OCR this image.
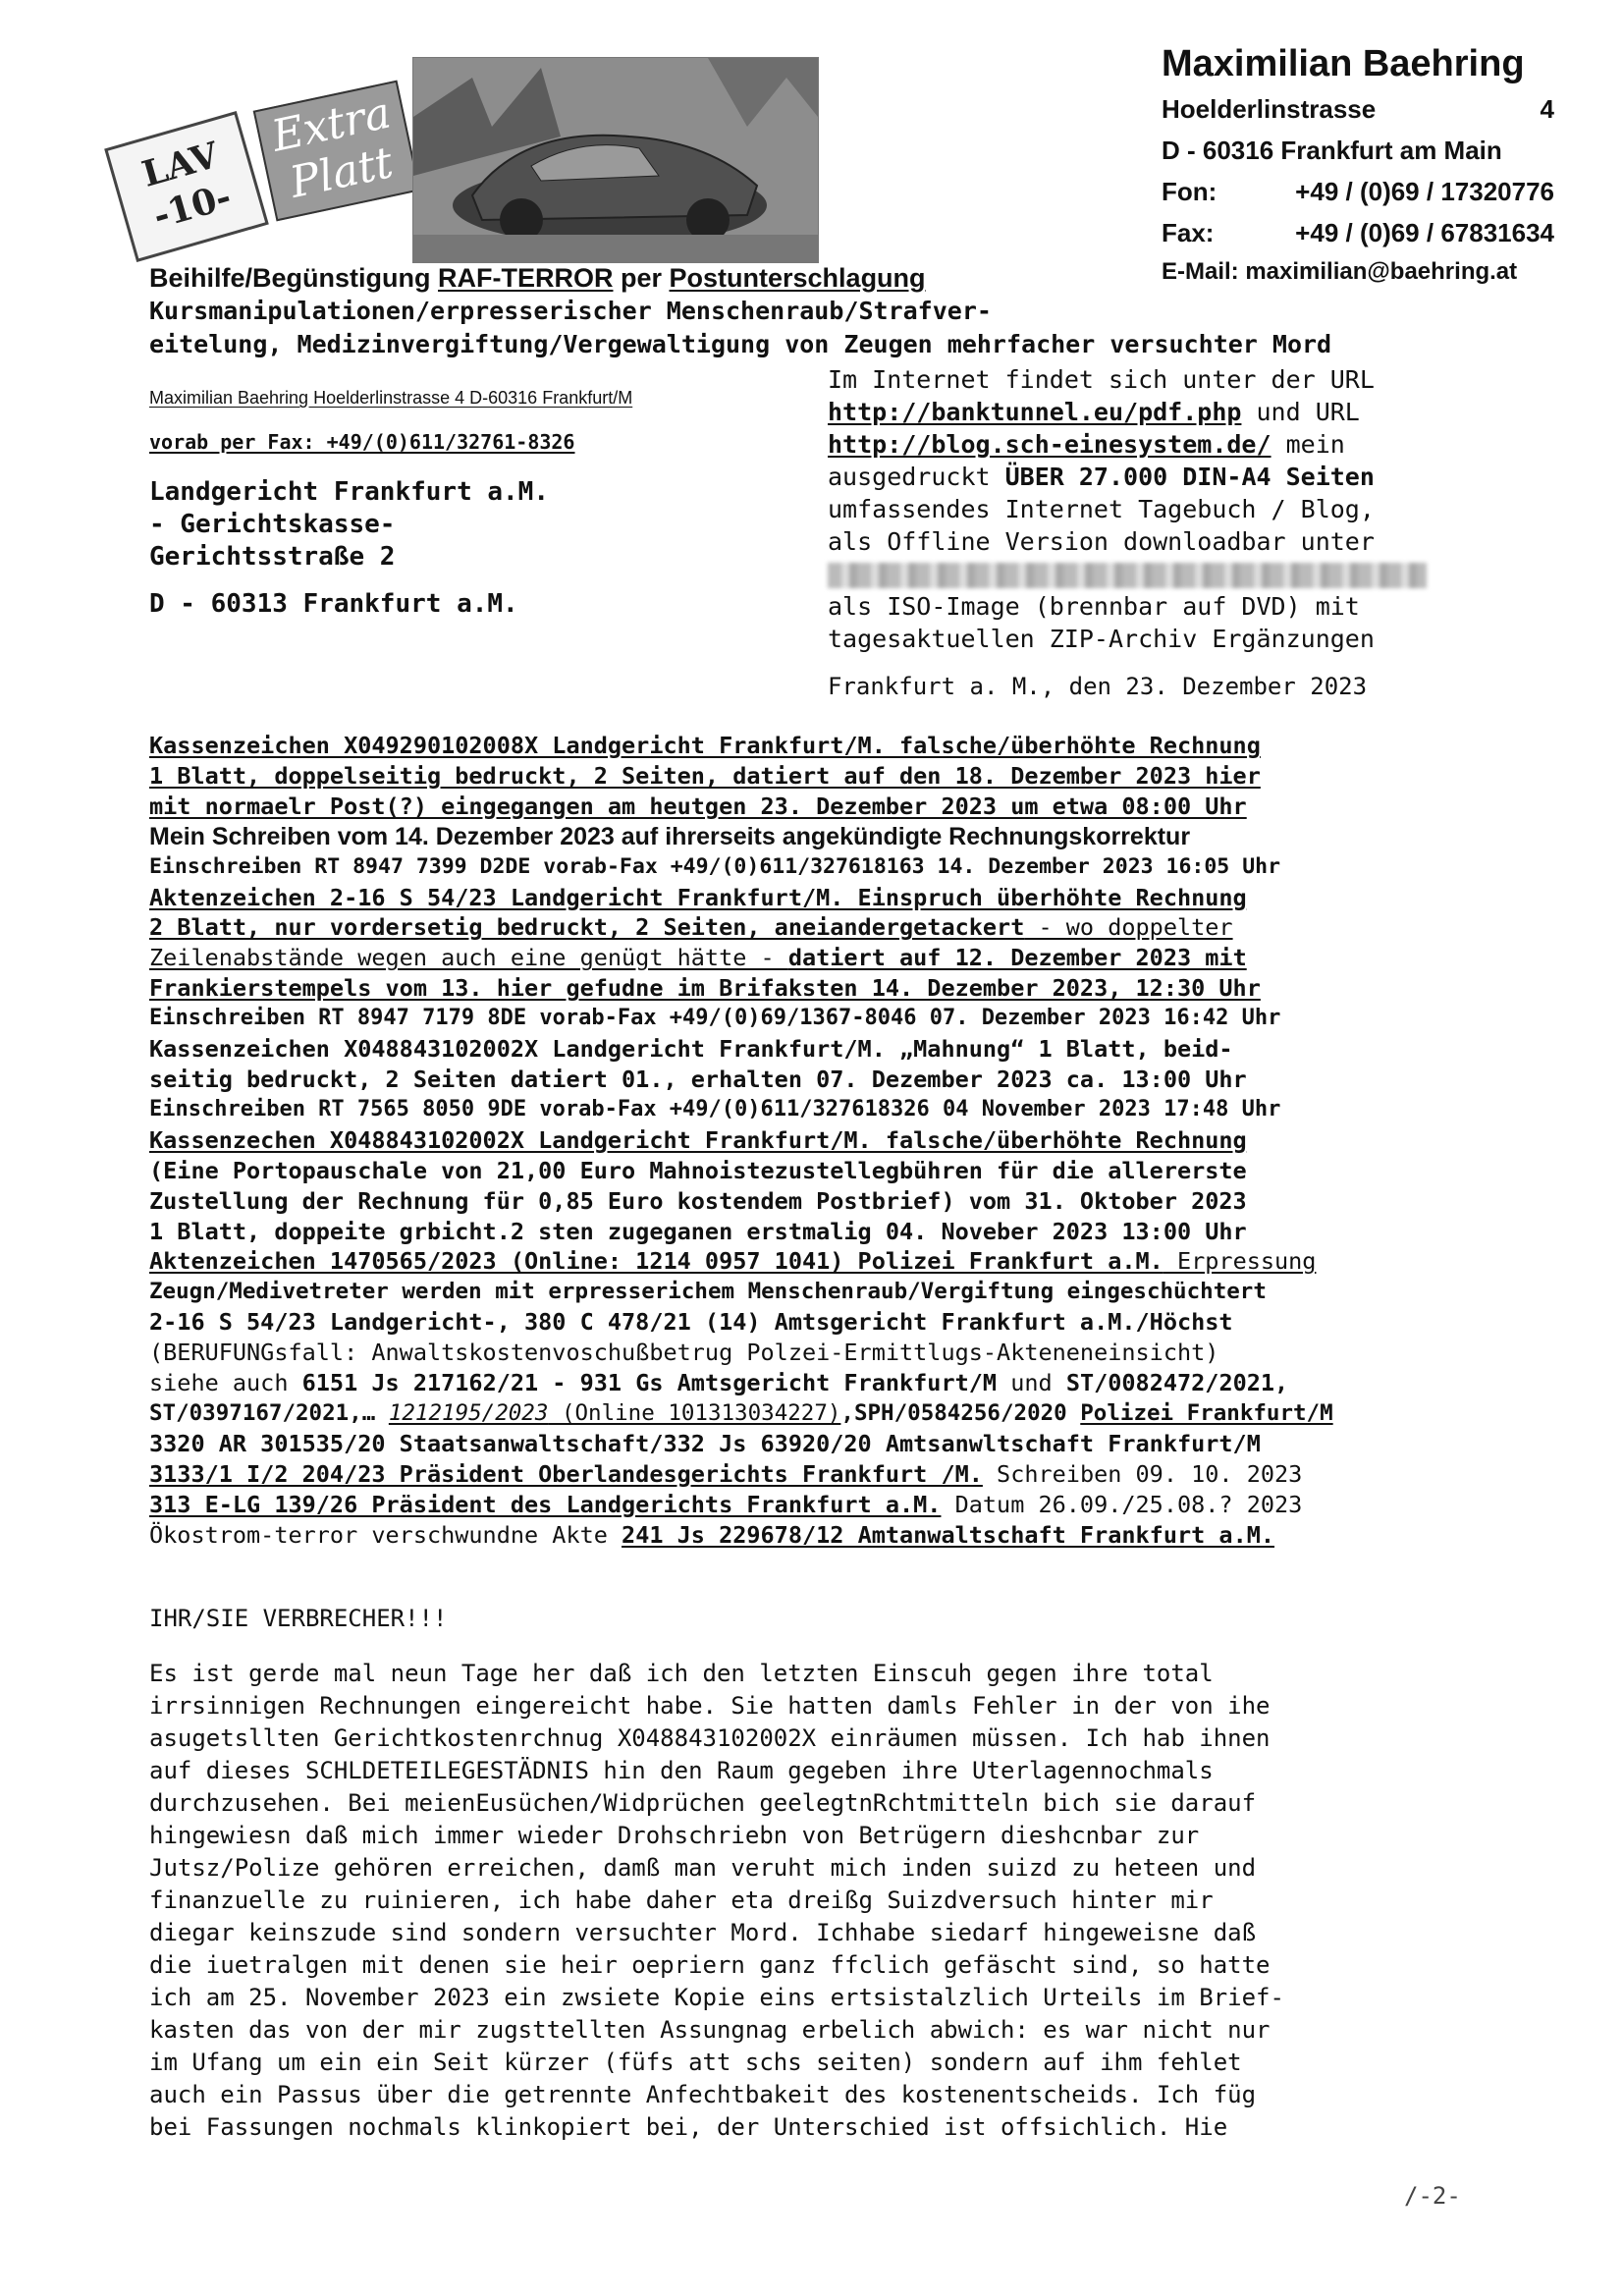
LAV -10-
Extra Platt
Maximilian Baehring
Hoelderlinstrasse	4
D - 60316 Frankfurt am Main
Fon:	+49 / (0)69 / 17320776
Fax:	+49 / (0)69 / 67831634
E-Mail: maximilian@baehring.at
Beihilfe/Begünstigung RAF-TERROR per Postunterschlagung
Kursmanipulationen/erpresserischer Menschenraub/Strafver-
eitelung, Medizinvergiftung/Vergewaltigung von Zeugen mehrfacher versuchter Mord
Maximilian Baehring Hoelderlinstrasse 4 D-60316 Frankfurt/M
vorab per Fax: +49/(0)611/32761-8326
Landgericht Frankfurt a.M.
- Gerichtskasse-
Gerichtsstraße 2
D - 60313 Frankfurt a.M.
Im Internet findet sich unter der URL
http://banktunnel.eu/pdf.php und URL
http://blog.sch-einesystem.de/ mein
ausgedruckt ÜBER 27.000 DIN-A4 Seiten
umfassendes Internet Tagebuch / Blog,
als Offline Version downloadbar unter
als ISO-Image (brennbar auf DVD) mit
tagesaktuellen ZIP-Archiv Ergänzungen
Frankfurt a. M., den 23. Dezember 2023
Kassenzeichen X049290102008X Landgericht Frankfurt/M. falsche/überhöhte Rechnung
1 Blatt, doppelseitig bedruckt, 2 Seiten, datiert auf den 18. Dezember 2023 hier
mit normaelr Post(?) eingegangen am heutgen 23. Dezember 2023 um etwa 08:00 Uhr
Mein Schreiben vom 14. Dezember 2023 auf ihrerseits angekündigte Rechnungskorrektur
Einschreiben RT 8947 7399 D2DE vorab-Fax +49/(0)611/327618163 14. Dezember 2023 16:05 Uhr
Aktenzeichen 2-16 S 54/23 Landgericht Frankfurt/M. Einspruch überhöhte Rechnung
2 Blatt, nur vordersetig bedruckt, 2 Seiten, aneiandergetackert - wo doppelter
Zeilenabstände wegen auch eine genügt hätte - datiert auf 12. Dezember 2023 mit
Frankierstempels vom 13. hier gefudne im Brifaksten 14. Dezember 2023, 12:30 Uhr
Einschreiben RT 8947 7179 8DE vorab-Fax +49/(0)69/1367-8046 07. Dezember 2023 16:42 Uhr
Kassenzeichen X048843102002X Landgericht Frankfurt/M. „Mahnung“ 1 Blatt, beid-
seitig bedruckt, 2 Seiten datiert 01., erhalten 07. Dezember 2023 ca. 13:00 Uhr
Einschreiben RT 7565 8050 9DE vorab-Fax +49/(0)611/327618326 04 November 2023 17:48 Uhr
Kassenzechen X048843102002X Landgericht Frankfurt/M. falsche/überhöhte Rechnung
(Eine Portopauschale von 21,00 Euro Mahnoistezustellegbühren für die allererste
Zustellung der Rechnung für 0,85 Euro kostendem Postbrief) vom 31. Oktober 2023
1 Blatt, doppeite grbicht.2 sten zugeganen erstmalig 04. Noveber 2023 13:00 Uhr
Aktenzeichen 1470565/2023 (Online: 1214 0957 1041) Polizei Frankfurt a.M. Erpressung
Zeugn/Medivetreter werden mit erpresserichem Menschenraub/Vergiftung eingeschüchtert
2-16 S 54/23 Landgericht-, 380 C 478/21 (14) Amtsgericht Frankfurt a.M./Höchst
(BERUFUNGsfall: Anwaltskostenvoschußbetrug Polzei-Ermittlugs-Akteneneinsicht)
siehe auch 6151 Js 217162/21 - 931 Gs Amtsgericht Frankfurt/M und ST/0082472/2021,
ST/0397167/2021,… 1212195/2023 (Online 101313034227),SPH/0584256/2020 Polizei Frankfurt/M
3320 AR 301535/20 Staatsanwaltschaft/332 Js 63920/20 Amtsanwltschaft Frankfurt/M
3133/1 I/2 204/23 Präsident Oberlandesgerichts Frankfurt /M. Schreiben 09. 10. 2023
313 E-LG 139/26 Präsident des Landgerichts Frankfurt a.M. Datum 26.09./25.08.? 2023
Ökostrom-terror verschwundne Akte 241 Js 229678/12 Amtanwaltschaft Frankfurt a.M.
IHR/SIE VERBRECHER!!!
Es ist gerde mal neun Tage her daß ich den letzten Einscuh gegen ihre total
irrsinnigen Rechnungen eingereicht habe. Sie hatten damls Fehler in der von ihe
asugetsllten Gerichtkostenrchnug X048843102002X einräumen müssen. Ich hab ihnen
auf dieses SCHLDETEILEGESTÄDNIS hin den Raum gegeben ihre Uterlagennochmals
durchzusehen. Bei meienEusüchen/Widprüchen geelegtnRchtmitteln bich sie darauf
hingewiesn daß mich immer wieder Drohschriebn von Betrügern dieshcnbar zur
Jutsz/Polize gehören erreichen, damß man veruht mich inden suizd zu heteen und
finanzuelle zu ruinieren, ich habe daher eta dreißg Suizdversuch hinter mir
diegar keinszude sind sondern versuchter Mord. Ichhabe siedarf hingeweisne daß
die iuetralgen mit denen sie heir oepriern ganz ffclich gefäscht sind, so hatte
ich am 25. November 2023 ein zwsiete Kopie eins ertsistalzlich Urteils im Brief-
kasten das von der mir zugsttellten Assungnag erbelich abwich: es war nicht nur
im Ufang um ein ein Seit kürzer (füfs att schs seiten) sondern auf ihm fehlet
auch ein Passus über die getrennte Anfechtbakeit des kostenentscheids. Ich füg
bei Fassungen nochmals klinkopiert bei, der Unterschied ist offsichlich. Hie
/-2-
